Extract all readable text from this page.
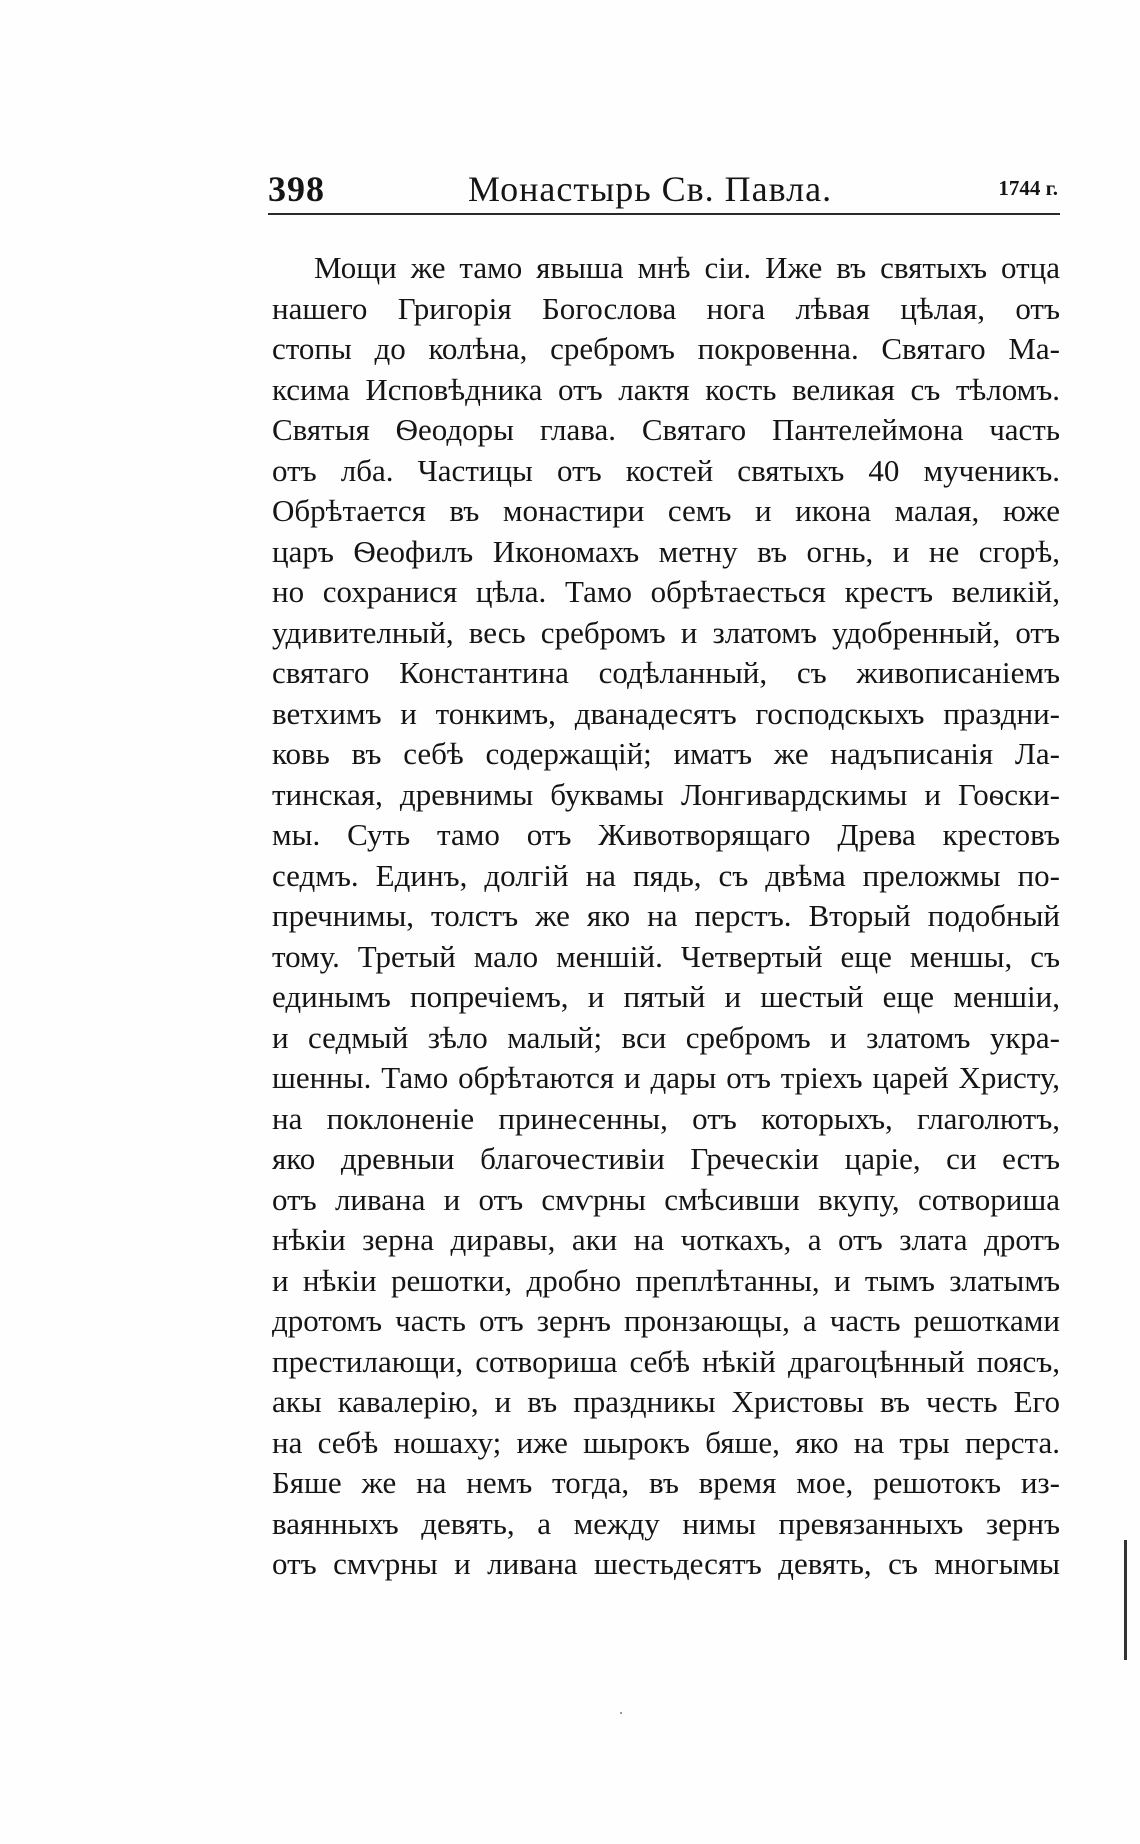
398	Монастырь Св. Павла.	1744 г.
Мощи же тамо явыша мнѣ сіи. Иже въ святыхъ отца
нашего Григорія Богослова нога лѣвая цѣлая, отъ
стопы до колѣна, сребромъ покровенна. Святаго Ма-
ксима Исповѣдника отъ лактя кость великая съ тѣломъ.
Святыя Ѳеодоры глава. Святаго Пантелеймона часть
отъ лба. Частицы отъ костей святыхъ 40 мученикъ.
Обрѣтается въ монастири семъ и икона малая, юже
царъ Ѳеофилъ Икономахъ метну въ огнь, и не сгорѣ,
но сохранися цѣла. Тамо обрѣтаесться крестъ великій,
удивителный, весь сребромъ и златомъ удобренный, отъ
святаго Константина содѣланный, съ живописаніемъ
ветхимъ и тонкимъ, дванадесятъ господскыхъ праздни-
ковь въ себѣ содержащій; иматъ же надъписанія Ла-
тинская, древнимы буквамы Лонгивардскимы и Гоѳски-
мы. Суть тамо отъ Животворящаго Древа крестовъ
седмъ. Единъ, долгій на пядь, съ двѣма преложмы по-
пречнимы, толстъ же яко на перстъ. Вторый подобный
тому. Третый мало меншій. Четвертый еще меншы, съ
единымъ попречіемъ, и пятый и шестый еще меншіи,
и седмый зѣло малый; вси сребромъ и златомъ укра-
шенны. Тамо обрѣтаются и дары отъ тріехъ царей Христу,
на поклоненіе принесенны, отъ которыхъ, глаголютъ,
яко древныи благочестивіи Греческіи царіе, си естъ
отъ ливана и отъ смѵрны смѣсивши вкупу, сотвориша
нѣкіи зерна диравы, аки на чоткахъ, а отъ злата дротъ
и нѣкіи решотки, дробно преплѣтанны, и тымъ златымъ
дротомъ часть отъ зернъ пронзающы, а часть решотками
престилающи, сотвориша себѣ нѣкій драгоцѣнный поясъ,
акы кавалерію, и въ праздникы Христовы въ честь Его
на себѣ ношаху; иже шырокъ бяше, яко на тры перста.
Бяше же на немъ тогда, въ время мое, решотокъ из-
ваянныхъ девять, а между нимы превязанныхъ зернъ
отъ смѵрны и ливана шестьдесятъ девять, съ многымы
